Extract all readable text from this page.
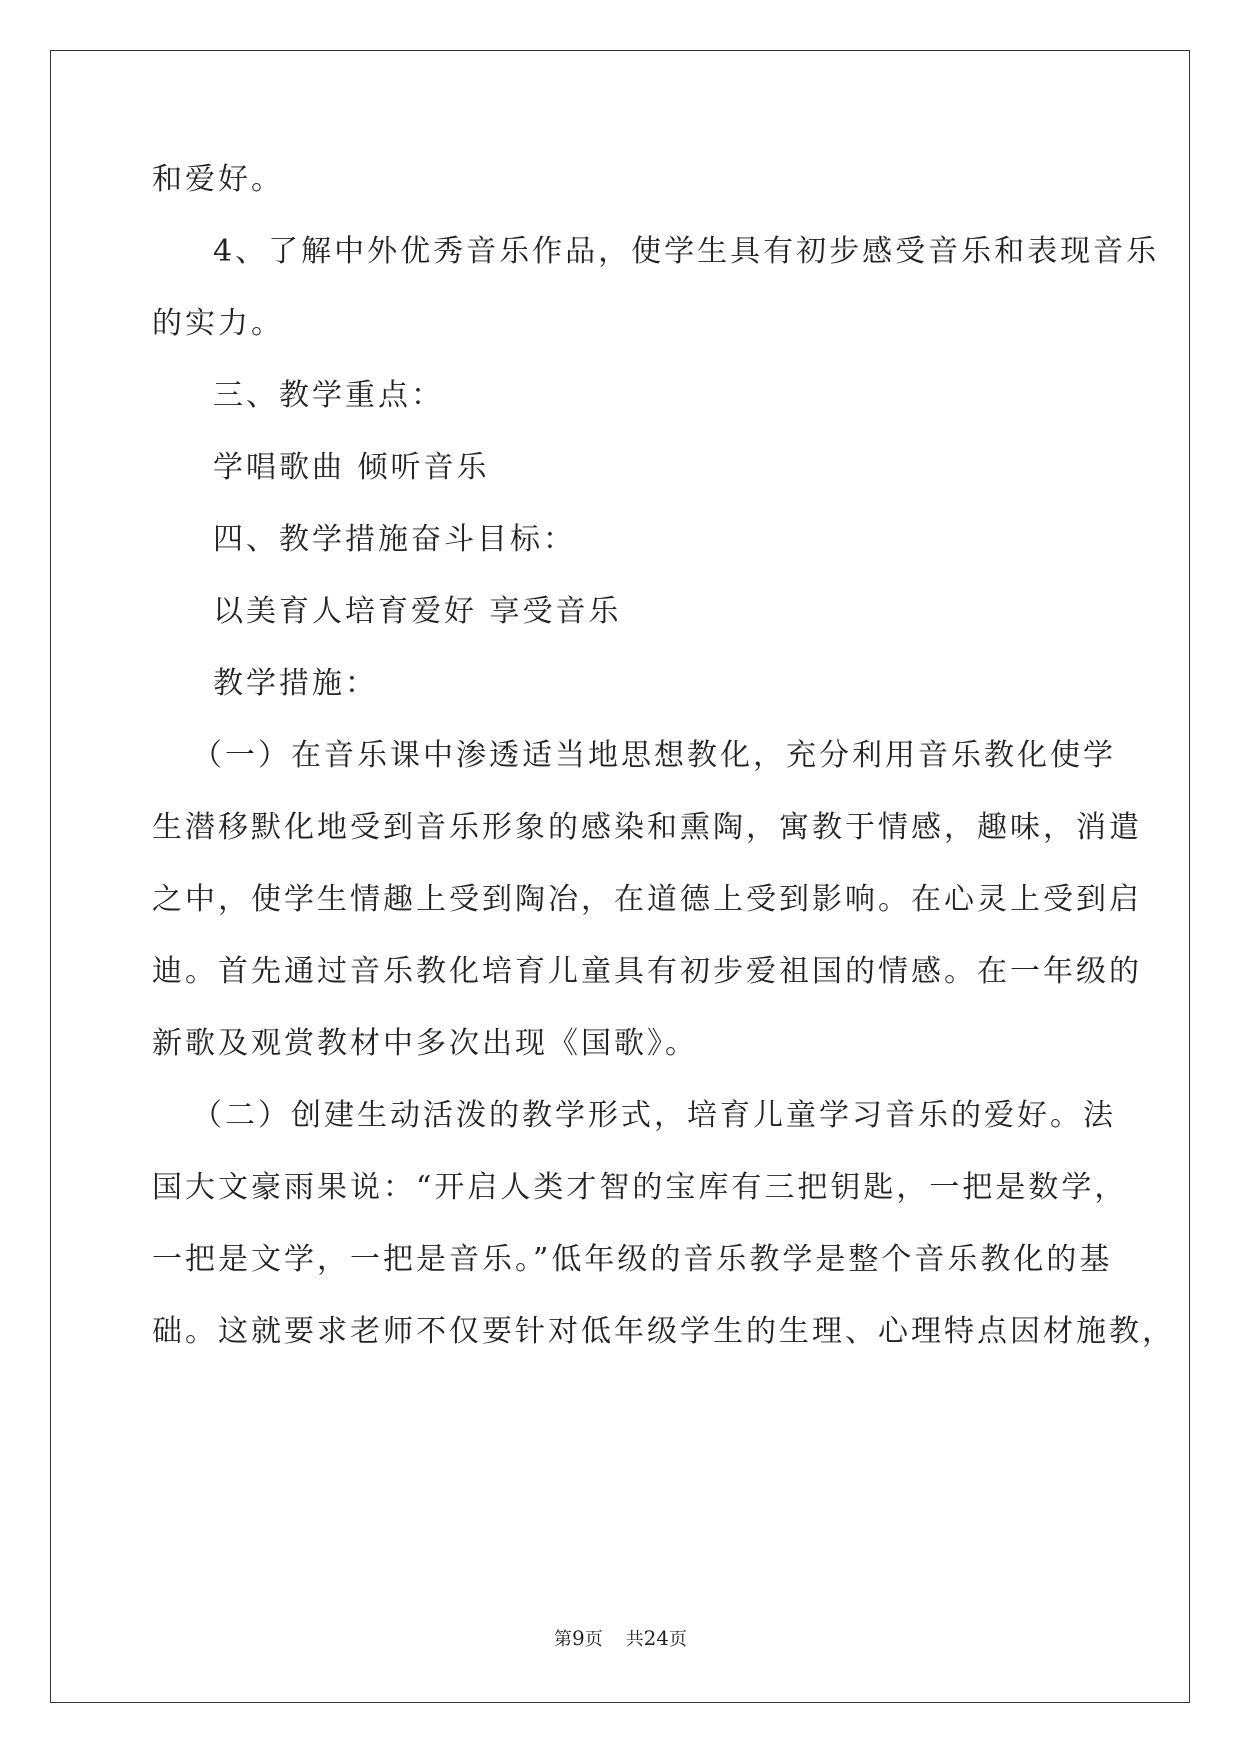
和爱好。
4、了解中外优秀音乐作品，使学生具有初步感受音乐和表现音乐
的实力。
三、教学重点：
学唱歌曲 倾听音乐
四、教学措施奋斗目标：
以美育人培育爱好 享受音乐
教学措施：
（一）在音乐课中渗透适当地思想教化，充分利用音乐教化使学
生潜移默化地受到音乐形象的感染和熏陶，寓教于情感，趣味，消遣
之中，使学生情趣上受到陶冶，在道德上受到影响。在心灵上受到启
迪。首先通过音乐教化培育儿童具有初步爱祖国的情感。在一年级的
新歌及观赏教材中多次出现《国歌》。
（二）创建生动活泼的教学形式，培育儿童学习音乐的爱好。法
国大文豪雨果说：“开启人类才智的宝库有三把钥匙，一把是数学，
一把是文学，一把是音乐。”低年级的音乐教学是整个音乐教化的基
础。这就要求老师不仅要针对低年级学生的生理、心理特点因材施教，
第9页 共24页
